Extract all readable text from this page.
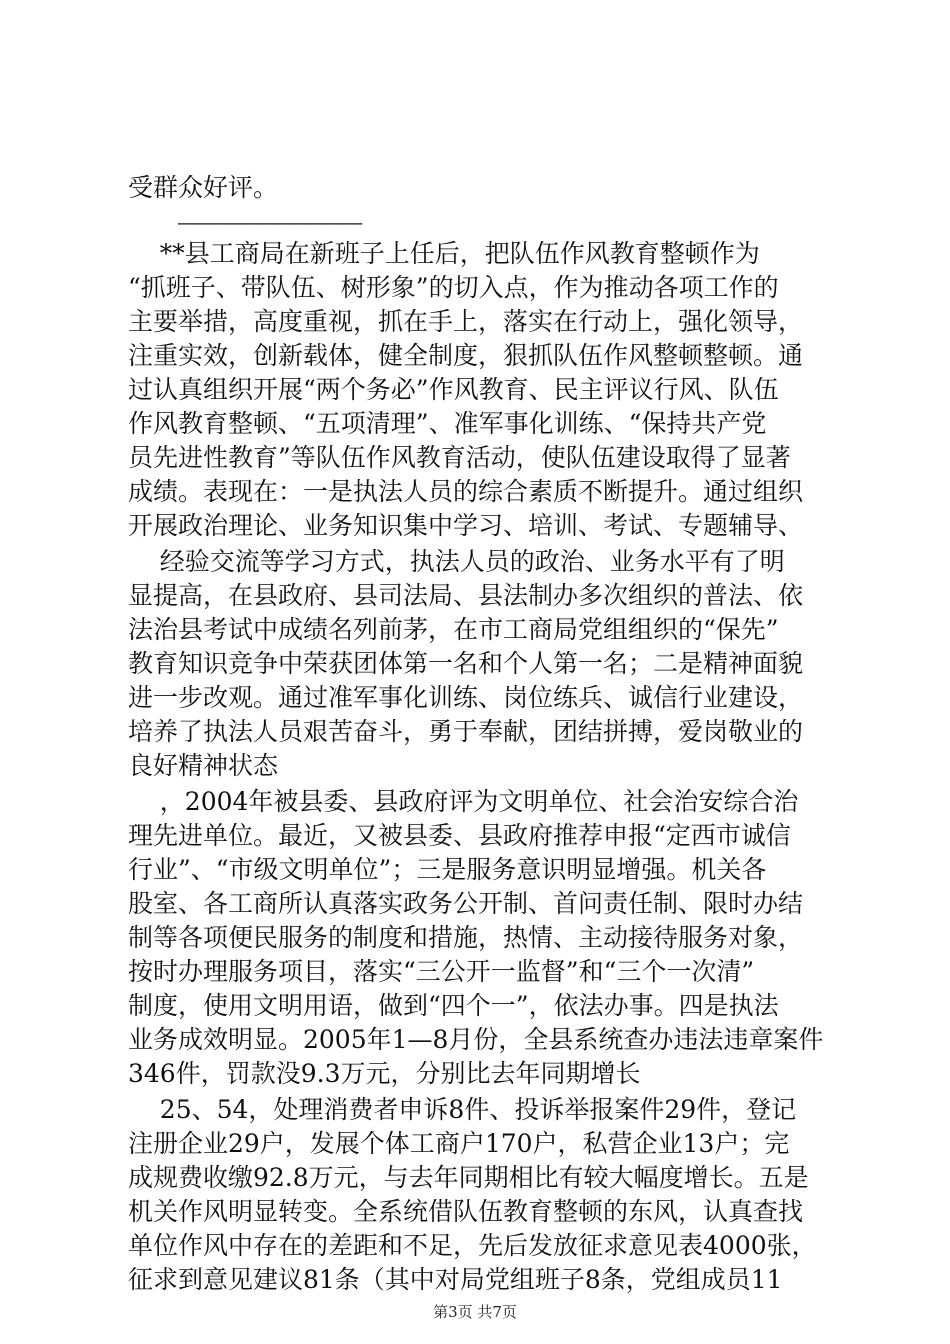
受群众好评。
—————————————————
**县工商局在新班子上任后，把队伍作风教育整顿作为
“抓班子、带队伍、树形象”的切入点，作为推动各项工作的
主要举措，高度重视，抓在手上，落实在行动上，强化领导，
注重实效，创新载体，健全制度，狠抓队伍作风整顿整顿。通
过认真组织开展“两个务必”作风教育、民主评议行风、队伍
作风教育整顿、“五项清理”、准军事化训练、“保持共产党
员先进性教育”等队伍作风教育活动，使队伍建设取得了显著
成绩。表现在：一是执法人员的综合素质不断提升。通过组织
开展政治理论、业务知识集中学习、培训、考试、专题辅导、
经验交流等学习方式，执法人员的政治、业务水平有了明
显提高，在县政府、县司法局、县法制办多次组织的普法、依
法治县考试中成绩名列前茅，在市工商局党组组织的“保先”
教育知识竞争中荣获团体第一名和个人第一名；二是精神面貌
进一步改观。通过准军事化训练、岗位练兵、诚信行业建设，
培养了执法人员艰苦奋斗，勇于奉献，团结拼搏，爱岗敬业的
良好精神状态
，2004年被县委、县政府评为文明单位、社会治安综合治
理先进单位。最近，又被县委、县政府推荐申报“定西市诚信
行业”、“市级文明单位”；三是服务意识明显增强。机关各
股室、各工商所认真落实政务公开制、首问责任制、限时办结
制等各项便民服务的制度和措施，热情、主动接待服务对象，
按时办理服务项目，落实“三公开一监督”和“三个一次清”
制度，使用文明用语，做到“四个一”，依法办事。四是执法
业务成效明显。2005年1—8月份，全县系统查办违法违章案件
346件，罚款没9.3万元，分别比去年同期增长
25、54，处理消费者申诉8件、投诉举报案件29件，登记
注册企业29户，发展个体工商户170户，私营企业13户；完
成规费收缴92.8万元，与去年同期相比有较大幅度增长。五是
机关作风明显转变。全系统借队伍教育整顿的东风，认真查找
单位作风中存在的差距和不足，先后发放征求意见表4000张，
征求到意见建议81条（其中对局党组班子8条，党组成员11
第3页 共7页
